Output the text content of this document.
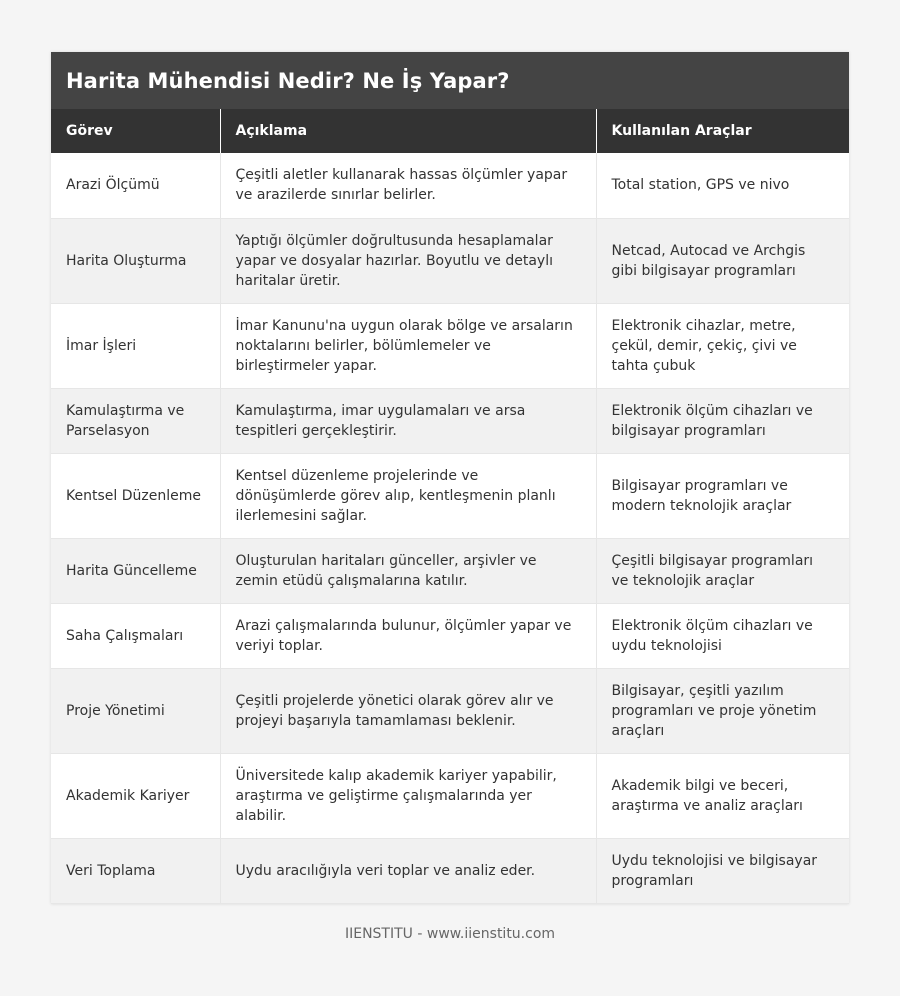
Harita Mühendisi Nedir? Ne İş Yapar?
Görev	Açıklama	Kullanılan Araçlar
Arazi Ölçümü	Çeşitli aletler kullanarak hassas ölçümler yapar ve arazilerde sınırlar belirler.	Total station, GPS ve nivo
Harita Oluşturma	Yaptığı ölçümler doğrultusunda hesaplamalar yapar ve dosyalar hazırlar. Boyutlu ve detaylı haritalar üretir.	Netcad, Autocad ve Archgis gibi bilgisayar programları
İmar İşleri	İmar Kanunu'na uygun olarak bölge ve arsaların noktalarını belirler, bölümlemeler ve birleştirmeler yapar.	Elektronik cihazlar, metre, çekül, demir, çekiç, çivi ve tahta çubuk
Kamulaştırma ve Parselasyon	Kamulaştırma, imar uygulamaları ve arsa tespitleri gerçekleştirir.	Elektronik ölçüm cihazları ve bilgisayar programları
Kentsel Düzenleme	Kentsel düzenleme projelerinde ve dönüşümlerde görev alıp, kentleşmenin planlı ilerlemesini sağlar.	Bilgisayar programları ve modern teknolojik araçlar
Harita Güncelleme	Oluşturulan haritaları günceller, arşivler ve zemin etüdü çalışmalarına katılır.	Çeşitli bilgisayar programları ve teknolojik araçlar
Saha Çalışmaları	Arazi çalışmalarında bulunur, ölçümler yapar ve veriyi toplar.	Elektronik ölçüm cihazları ve uydu teknolojisi
Proje Yönetimi	Çeşitli projelerde yönetici olarak görev alır ve projeyi başarıyla tamamlaması beklenir.	Bilgisayar, çeşitli yazılım programları ve proje yönetim araçları
Akademik Kariyer	Üniversitede kalıp akademik kariyer yapabilir, araştırma ve geliştirme çalışmalarında yer alabilir.	Akademik bilgi ve beceri, araştırma ve analiz araçları
Veri Toplama	Uydu aracılığıyla veri toplar ve analiz eder.	Uydu teknolojisi ve bilgisayar programları
IIENSTITU - www.iienstitu.com
